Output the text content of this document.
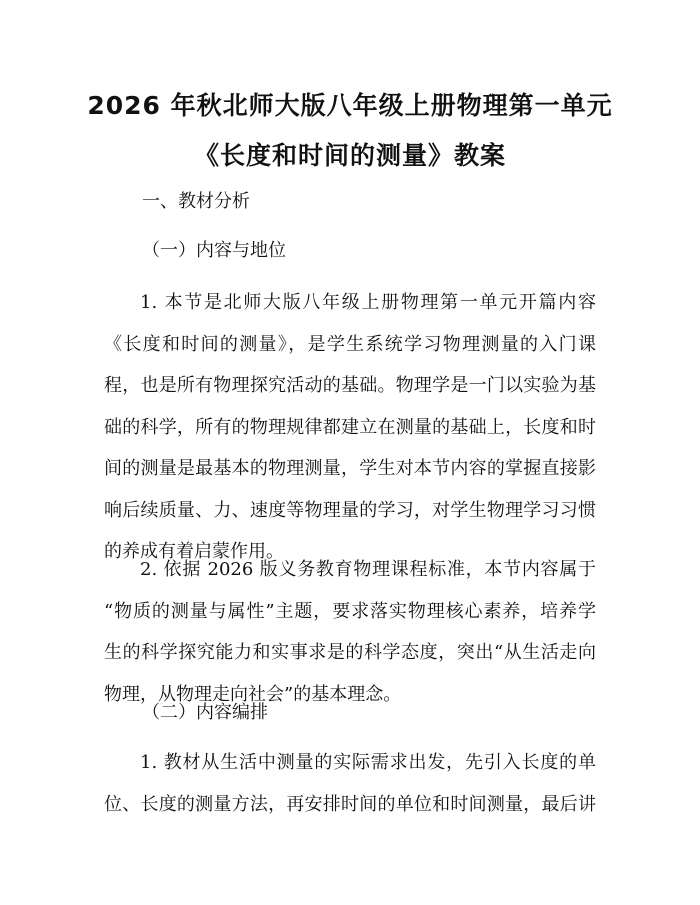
2026 年秋北师大版八年级上册物理第一单元
《长度和时间的测量》教案
一、教材分析
（一）内容与地位
1. 本节是北师大版八年级上册物理第一单元开篇内容
《长度和时间的测量》，是学生系统学习物理测量的入门课
程，也是所有物理探究活动的基础。物理学是一门以实验为基
础的科学，所有的物理规律都建立在测量的基础上，长度和时
间的测量是最基本的物理测量，学生对本节内容的掌握直接影
响后续质量、力、速度等物理量的学习，对学生物理学习习惯
的养成有着启蒙作用。
2. 依据 2026 版义务教育物理课程标准，本节内容属于
“物质的测量与属性”主题，要求落实物理核心素养，培养学
生的科学探究能力和实事求是的科学态度，突出“从生活走向
物理，从物理走向社会”的基本理念。
（二）内容编排
1. 教材从生活中测量的实际需求出发，先引入长度的单
位、长度的测量方法，再安排时间的单位和时间测量，最后讲
